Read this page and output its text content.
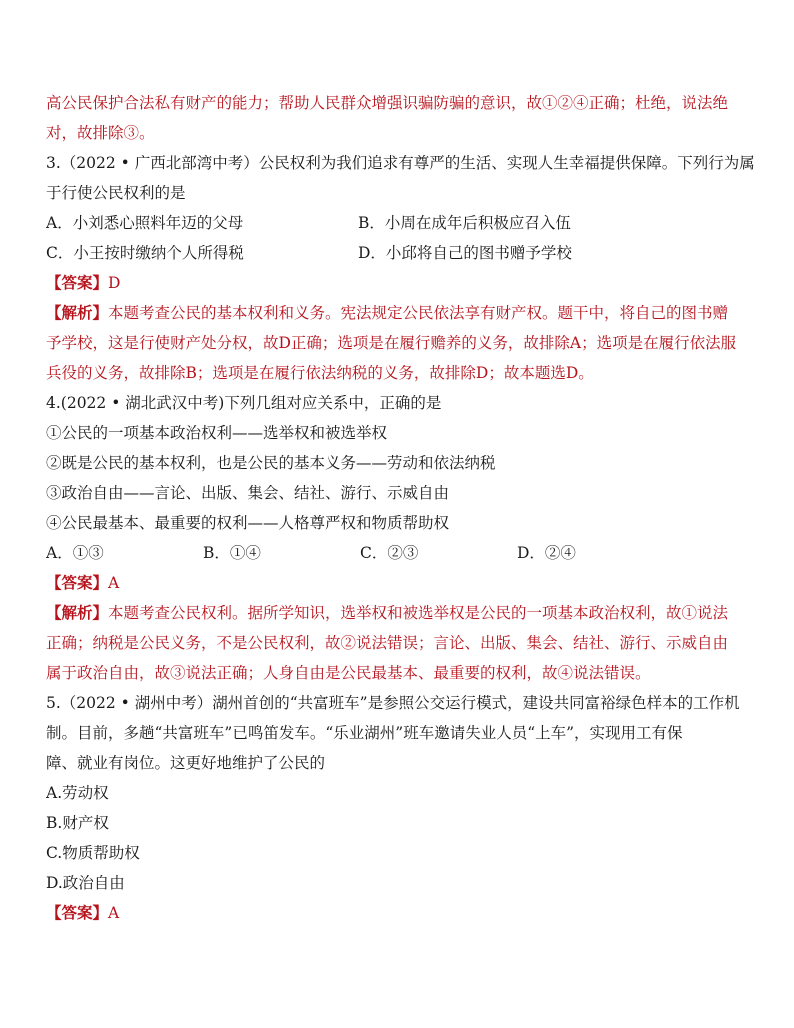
高公民保护合法私有财产的能力；帮助人民群众增强识骗防骗的意识，故①②④正确；杜绝，说法绝
对，故排除③。
3.（2022 • 广西北部湾中考）公民权利为我们追求有尊严的生活、实现人生幸福提供保障。下列行为属
于行使公民权利的是
A．小刘悉心照料年迈的父母	B．小周在成年后积极应召入伍
C．小王按时缴纳个人所得税	D．小邱将自己的图书赠予学校
【答案】D
【解析】本题考查公民的基本权利和义务。宪法规定公民依法享有财产权。题干中，将自己的图书赠
予学校，这是行使财产处分权，故D正确；选项是在履行赡养的义务，故排除A；选项是在履行依法服
兵役的义务，故排除B；选项是在履行依法纳税的义务，故排除D；故本题选D。
4.(2022 • 湖北武汉中考)下列几组对应关系中，正确的是
①公民的一项基本政治权利——选举权和被选举权
②既是公民的基本权利，也是公民的基本义务——劳动和依法纳税
③政治自由——言论、出版、集会、结社、游行、示威自由
④公民最基本、最重要的权利——人格尊严权和物质帮助权
A．①③	B．①④	C．②③	D．②④
【答案】A
【解析】本题考查公民权利。据所学知识，选举权和被选举权是公民的一项基本政治权利，故①说法
正确；纳税是公民义务，不是公民权利，故②说法错误；言论、出版、集会、结社、游行、示威自由
属于政治自由，故③说法正确；人身自由是公民最基本、最重要的权利，故④说法错误。
5.（2022 • 湖州中考）湖州首创的“共富班车”是参照公交运行模式，建设共同富裕绿色样本的工作机
制。目前，多趟“共富班车”已鸣笛发车。“乐业湖州”班车邀请失业人员“上车”，实现用工有保
障、就业有岗位。这更好地维护了公民的
A.劳动权
B.财产权
C.物质帮助权
D.政治自由
【答案】A
